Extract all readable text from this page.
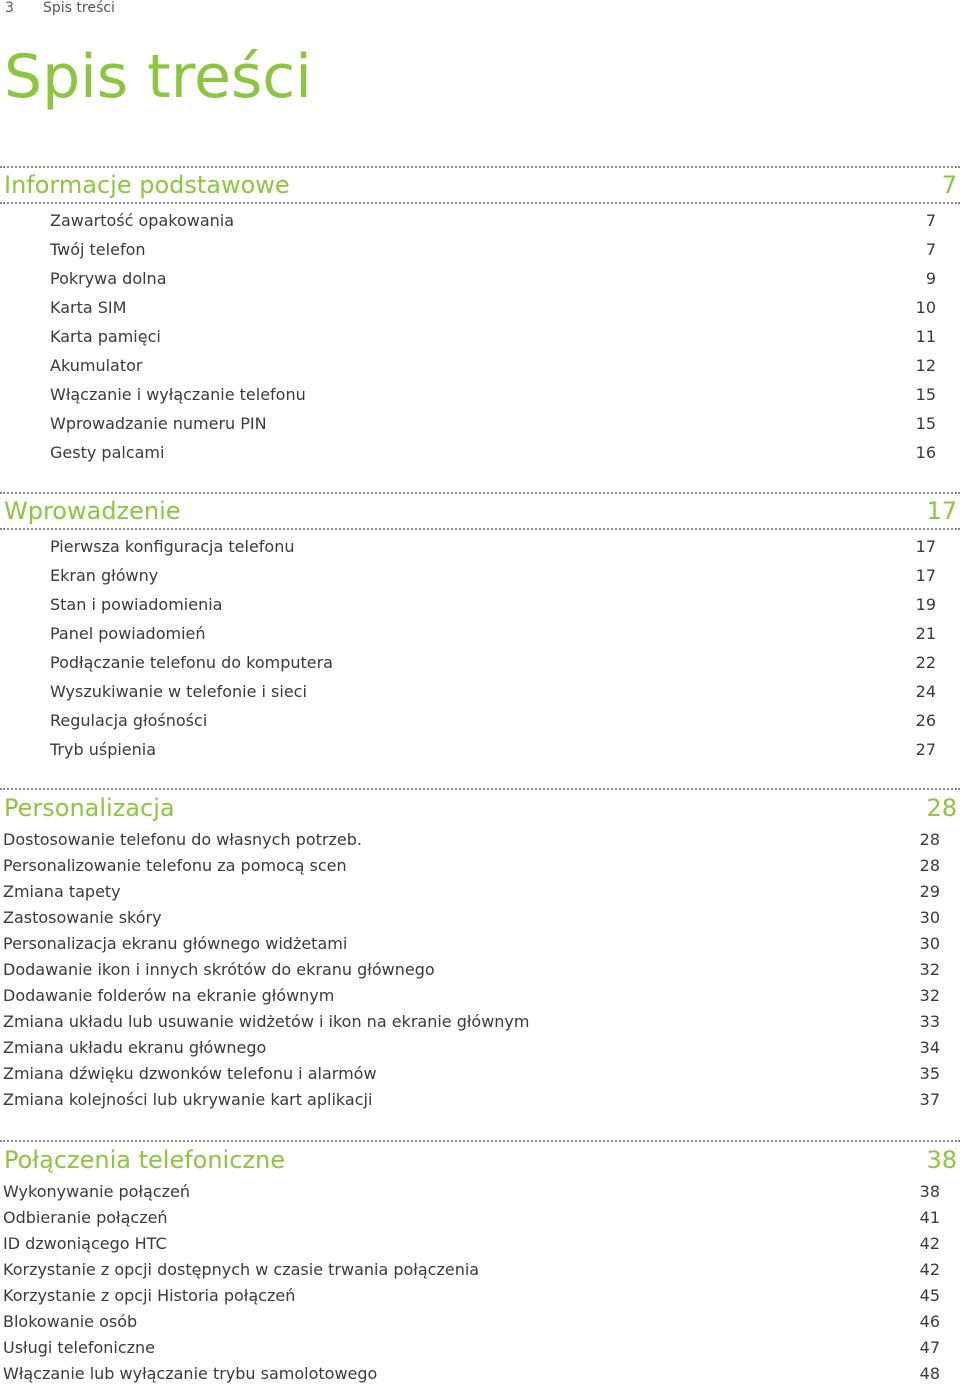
3 Spis treści
Spis treści
Informacje podstawowe	7
Zawartość opakowania	7
Twój telefon	7
Pokrywa dolna	9
Karta SIM	10
Karta pamięci	11
Akumulator	12
Włączanie i wyłączanie telefonu	15
Wprowadzanie numeru PIN	15
Gesty palcami	16
Wprowadzenie	17
Pierwsza konfiguracja telefonu	17
Ekran główny	17
Stan i powiadomienia	19
Panel powiadomień	21
Podłączanie telefonu do komputera	22
Wyszukiwanie w telefonie i sieci	24
Regulacja głośności	26
Tryb uśpienia	27
Personalizacja	28
Dostosowanie telefonu do własnych potrzeb.	28
Personalizowanie telefonu za pomocą scen	28
Zmiana tapety	29
Zastosowanie skóry	30
Personalizacja ekranu głównego widżetami	30
Dodawanie ikon i innych skrótów do ekranu głównego	32
Dodawanie folderów na ekranie głównym	32
Zmiana układu lub usuwanie widżetów i ikon na ekranie głównym	33
Zmiana układu ekranu głównego	34
Zmiana dźwięku dzwonków telefonu i alarmów	35
Zmiana kolejności lub ukrywanie kart aplikacji	37
Połączenia telefoniczne	38
Wykonywanie połączeń	38
Odbieranie połączeń	41
ID dzwoniącego HTC	42
Korzystanie z opcji dostępnych w czasie trwania połączenia	42
Korzystanie z opcji Historia połączeń	45
Blokowanie osób	46
Usługi telefoniczne	47
Włączanie lub wyłączanie trybu samolotowego	48
